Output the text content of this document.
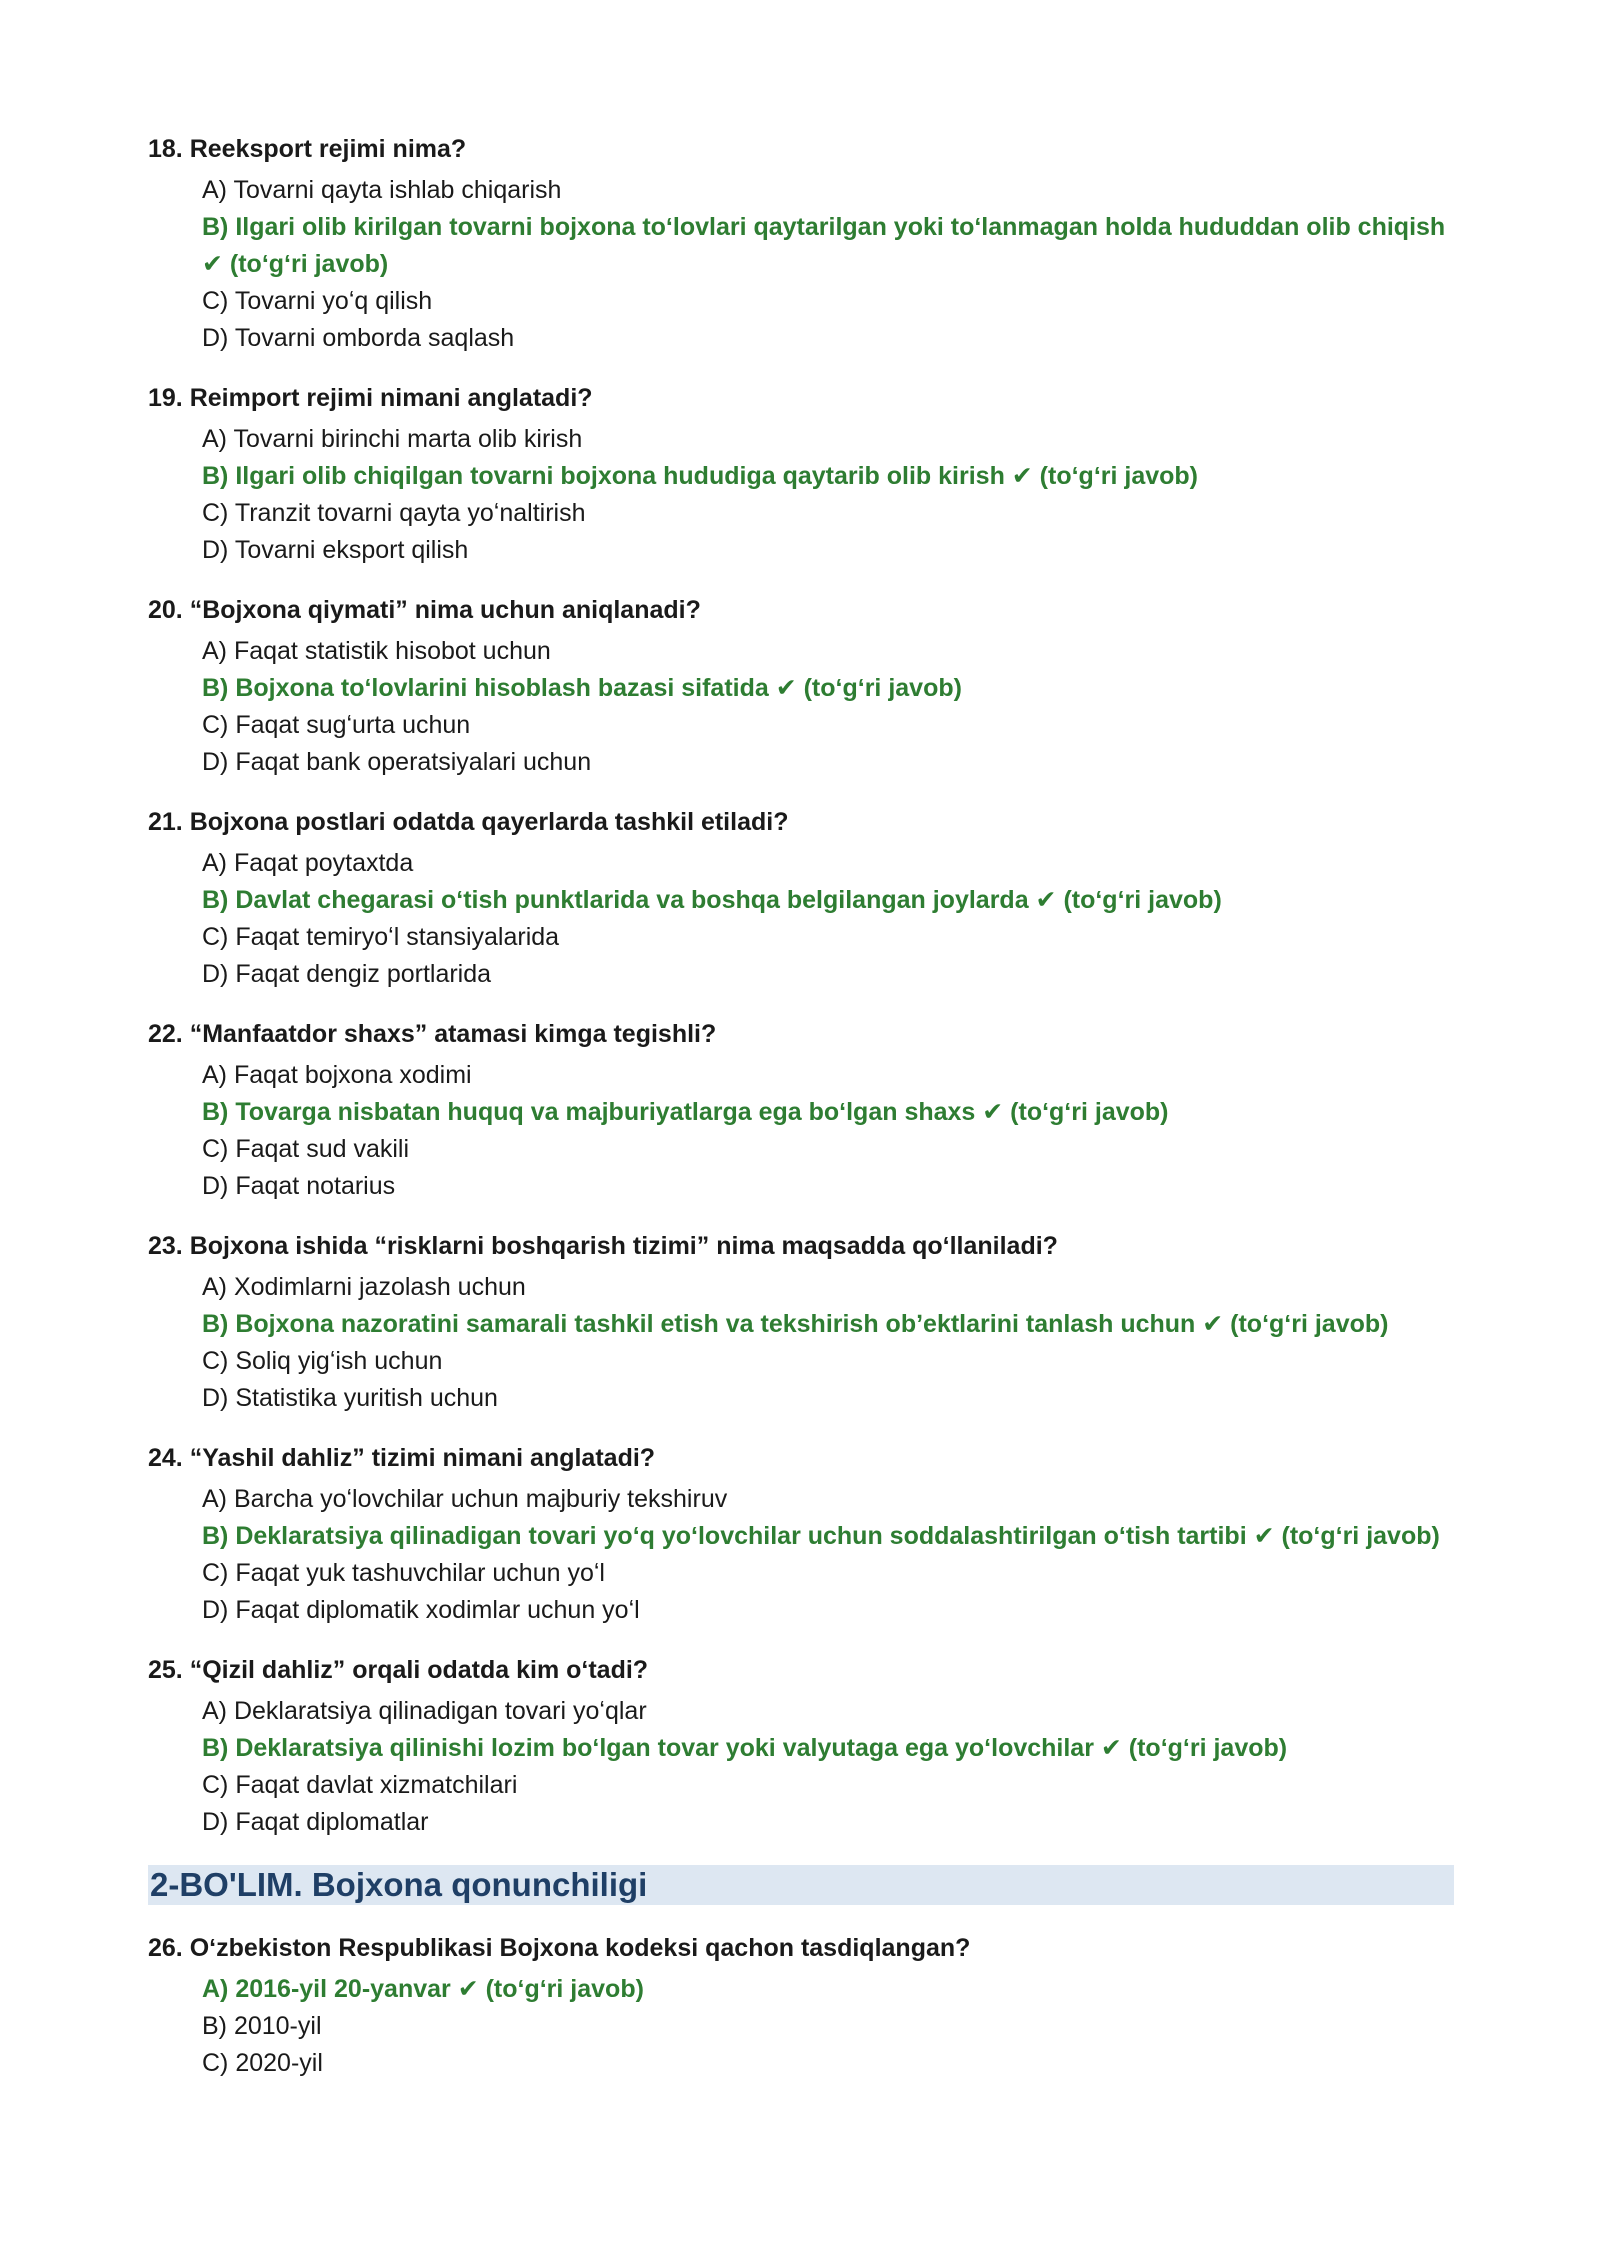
18. Reeksport rejimi nima?
A) Tovarni qayta ishlab chiqarish
B) Ilgari olib kirilgan tovarni bojxona toʻlovlari qaytarilgan yoki toʻlanmagan holda hududdan olib chiqish ✔ (toʻgʻri javob)
C) Tovarni yoʻq qilish
D) Tovarni omborda saqlash
19. Reimport rejimi nimani anglatadi?
A) Tovarni birinchi marta olib kirish
B) Ilgari olib chiqilgan tovarni bojxona hududiga qaytarib olib kirish ✔ (toʻgʻri javob)
C) Tranzit tovarni qayta yoʻnaltirish
D) Tovarni eksport qilish
20. “Bojxona qiymati” nima uchun aniqlanadi?
A) Faqat statistik hisobot uchun
B) Bojxona toʻlovlarini hisoblash bazasi sifatida ✔ (toʻgʻri javob)
C) Faqat sugʻurta uchun
D) Faqat bank operatsiyalari uchun
21. Bojxona postlari odatda qayerlarda tashkil etiladi?
A) Faqat poytaxtda
B) Davlat chegarasi oʻtish punktlarida va boshqa belgilangan joylarda ✔ (toʻgʻri javob)
C) Faqat temiryoʻl stansiyalarida
D) Faqat dengiz portlarida
22. “Manfaatdor shaxs” atamasi kimga tegishli?
A) Faqat bojxona xodimi
B) Tovarga nisbatan huquq va majburiyatlarga ega boʻlgan shaxs ✔ (toʻgʻri javob)
C) Faqat sud vakili
D) Faqat notarius
23. Bojxona ishida “risklarni boshqarish tizimi” nima maqsadda qoʻllaniladi?
A) Xodimlarni jazolash uchun
B) Bojxona nazoratini samarali tashkil etish va tekshirish obʼektlarini tanlash uchun ✔ (toʻgʻri javob)
C) Soliq yigʻish uchun
D) Statistika yuritish uchun
24. “Yashil dahliz” tizimi nimani anglatadi?
A) Barcha yoʻlovchilar uchun majburiy tekshiruv
B) Deklaratsiya qilinadigan tovari yoʻq yoʻlovchilar uchun soddalashtirilgan oʻtish tartibi ✔ (toʻgʻri javob)
C) Faqat yuk tashuvchilar uchun yoʻl
D) Faqat diplomatik xodimlar uchun yoʻl
25. “Qizil dahliz” orqali odatda kim oʻtadi?
A) Deklaratsiya qilinadigan tovari yoʻqlar
B) Deklaratsiya qilinishi lozim boʻlgan tovar yoki valyutaga ega yoʻlovchilar ✔ (toʻgʻri javob)
C) Faqat davlat xizmatchilari
D) Faqat diplomatlar
2-BO'LIM. Bojxona qonunchiligi
26. Oʻzbekiston Respublikasi Bojxona kodeksi qachon tasdiqlangan?
A) 2016-yil 20-yanvar ✔ (toʻgʻri javob)
B) 2010-yil
C) 2020-yil
